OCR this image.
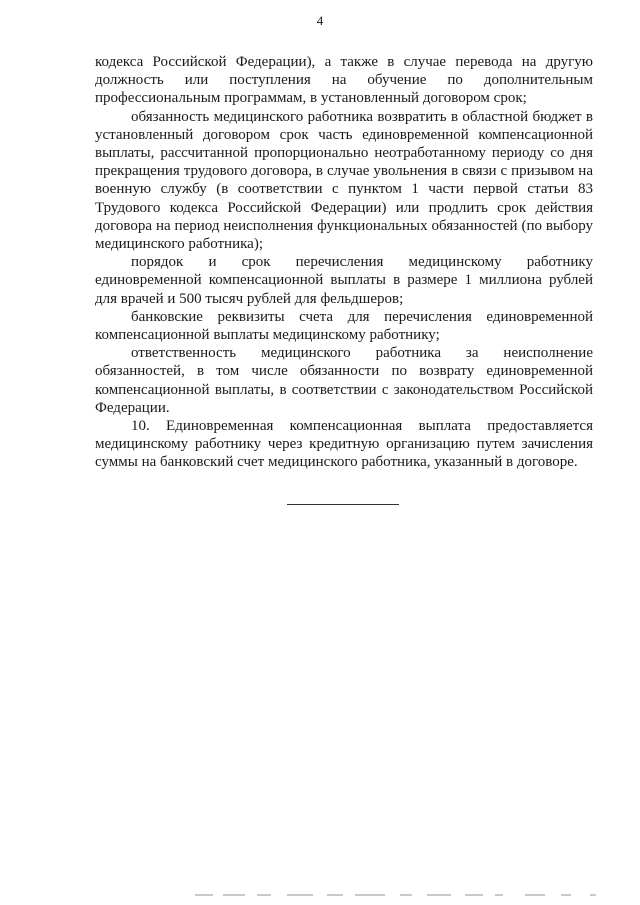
4

кодекса Российской Федерации), а также в случае перевода на другую должность или поступления на обучение по дополнительным профессиональным программам, в установленный договором срок;

обязанность медицинского работника возвратить в областной бюджет в установленный договором срок часть единовременной компенсационной выплаты, рассчитанной пропорционально неотработанному периоду со дня прекращения трудового договора, в случае увольнения в связи с призывом на военную службу (в соответствии с пунктом 1 части первой статьи 83 Трудового кодекса Российской Федерации) или продлить срок действия договора на период неисполнения функциональных обязанностей (по выбору медицинского работника);

порядок и срок перечисления медицинскому работнику единовременной компенсационной выплаты в размере 1 миллиона рублей для врачей и 500 тысяч рублей для фельдшеров;

банковские реквизиты счета для перечисления единовременной компенсационной выплаты медицинскому работнику;

ответственность медицинского работника за неисполнение обязанностей, в том числе обязанности по возврату единовременной компенсационной выплаты, в соответствии с законодательством Российской Федерации.

10. Единовременная компенсационная выплата предоставляется медицинскому работнику через кредитную организацию путем зачисления суммы на банковский счет медицинского работника, указанный в договоре.
